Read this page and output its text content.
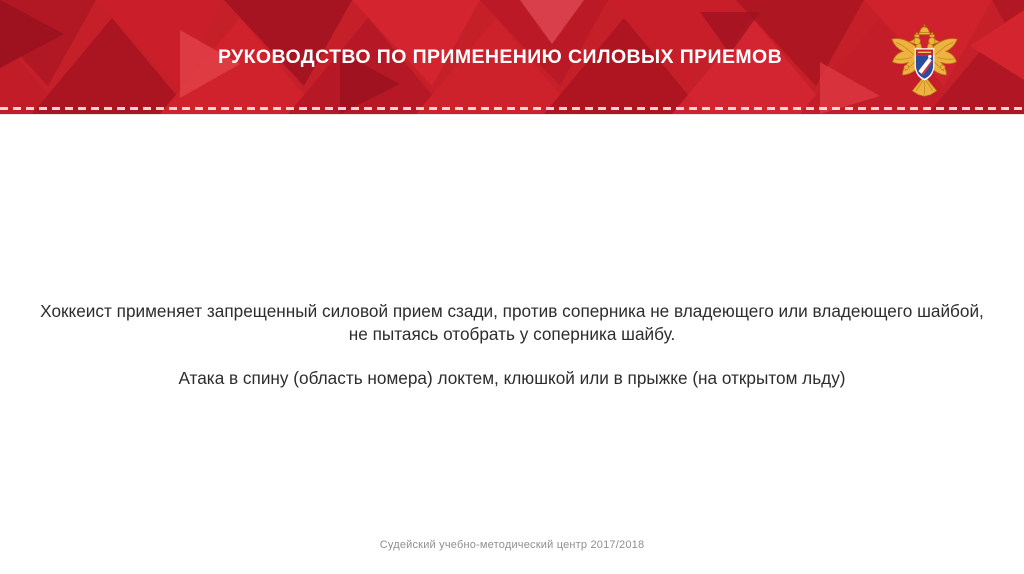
РУКОВОДСТВО ПО ПРИМЕНЕНИЮ СИЛОВЫХ ПРИЕМОВ
Хоккеист применяет запрещенный силовой прием сзади, против соперника не владеющего или владеющего шайбой,
не пытаясь отобрать у соперника шайбу.
Атака в спину (область номера) локтем, клюшкой или в прыжке (на открытом льду)
Судейский учебно-методический центр 2017/2018
